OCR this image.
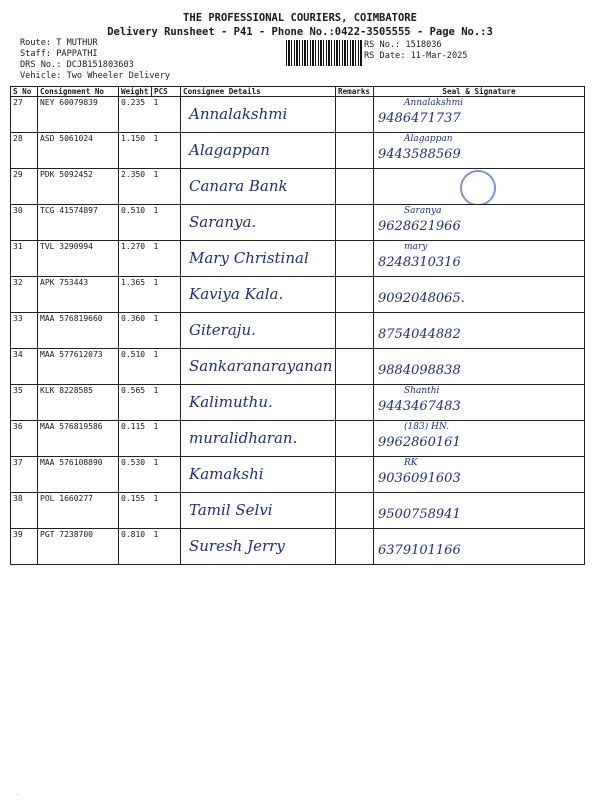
THE PROFESSIONAL COURIERS, COIMBATORE
Delivery Runsheet - P41 - Phone No.:0422-3505555 - Page No.:3
Route: T MUTHUR
Staff: PAPPATHI
DRS No.: DCJB151803603
Vehicle: Two Wheeler Delivery
RS No.: 1518036
RS Date: 11-Mar-2025
S No	Consignment No	Weight	PCS	Consignee Details	Remarks	Seal & Signature
27	NEY 60079839	0.235	1	Annalakshmi		Annalakshmi
9486471737

28	ASD 5061024	1.150	1	Alagappan		Alagappan
9443588569

29	PDK 5092452	2.350	1	Canara Bank		

30	TCG 41574897	0.510	1	Saranya.		Saranya
9628621966

31	TVL 3290994	1.270	1	Mary Christinal		mary
8248310316

32	APK 753443	1.365	1	Kaviya Kala.		9092048065.

33	MAA 576819660	0.360	1	Giteraju.		8754044882

34	MAA 577612073	0.510	1	Sankaranarayanan		9884098838

35	KLK 8228585	0.565	1	Kalimuthu.		Shanthi
9443467483

36	MAA 576819586	0.115	1	muralidharan.		(183) HN.
9962860161

37	MAA 576108890	0.530	1	Kamakshi		RK
9036091603

38	POL 1660277	0.155	1	Tamil Selvi		9500758941

39	PGT 7238700	0.810	1	Suresh Jerry		6379101166
.
